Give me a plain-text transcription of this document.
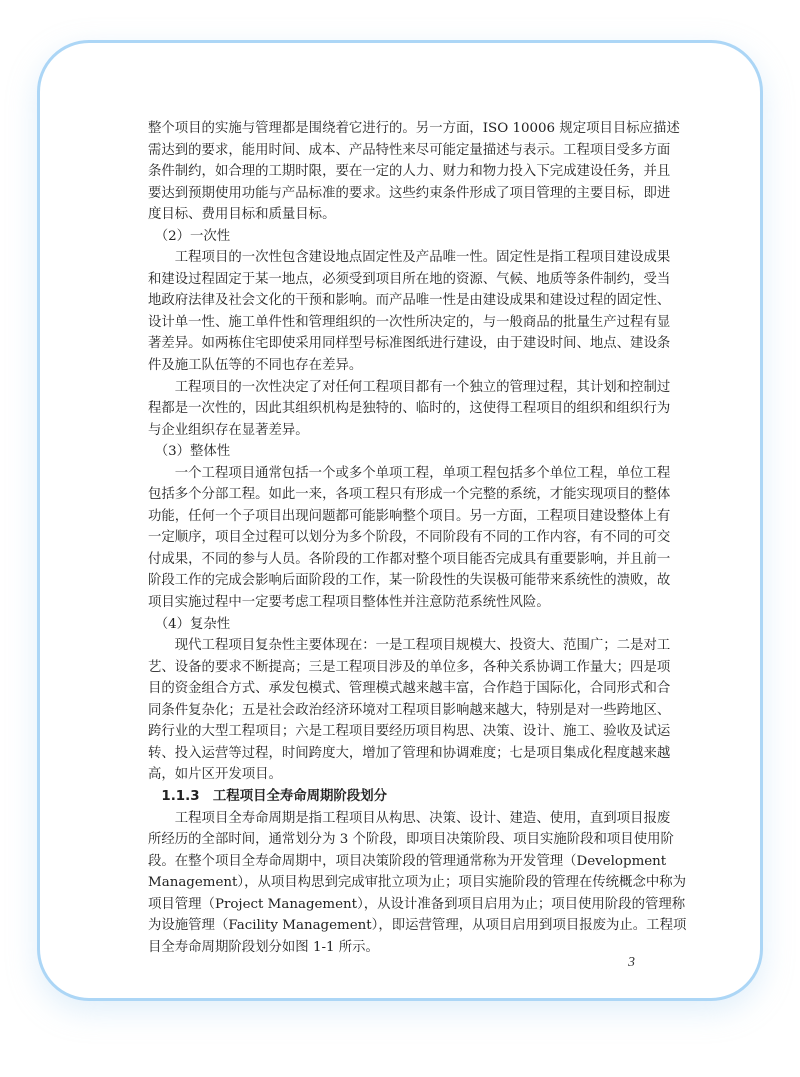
整个项目的实施与管理都是围绕着它进行的。另一方面，ISO 10006 规定项目目标应描述
需达到的要求，能用时间、成本、产品特性来尽可能定量描述与表示。工程项目受多方面
条件制约，如合理的工期时限，要在一定的人力、财力和物力投入下完成建设任务，并且
要达到预期使用功能与产品标准的要求。这些约束条件形成了项目管理的主要目标，即进
度目标、费用目标和质量目标。
　（2）一次性
　　工程项目的一次性包含建设地点固定性及产品唯一性。固定性是指工程项目建设成果
和建设过程固定于某一地点，必须受到项目所在地的资源、气候、地质等条件制约，受当
地政府法律及社会文化的干预和影响。而产品唯一性是由建设成果和建设过程的固定性、
设计单一性、施工单件性和管理组织的一次性所决定的，与一般商品的批量生产过程有显
著差异。如两栋住宅即使采用同样型号标准图纸进行建设，由于建设时间、地点、建设条
件及施工队伍等的不同也存在差异。
　　工程项目的一次性决定了对任何工程项目都有一个独立的管理过程，其计划和控制过
程都是一次性的，因此其组织机构是独特的、临时的，这使得工程项目的组织和组织行为
与企业组织存在显著差异。
　（3）整体性
　　一个工程项目通常包括一个或多个单项工程，单项工程包括多个单位工程，单位工程
包括多个分部工程。如此一来，各项工程只有形成一个完整的系统，才能实现项目的整体
功能，任何一个子项目出现问题都可能影响整个项目。另一方面，工程项目建设整体上有
一定顺序，项目全过程可以划分为多个阶段，不同阶段有不同的工作内容，有不同的可交
付成果，不同的参与人员。各阶段的工作都对整个项目能否完成具有重要影响，并且前一
阶段工作的完成会影响后面阶段的工作，某一阶段性的失误极可能带来系统性的溃败，故
项目实施过程中一定要考虑工程项目整体性并注意防范系统性风险。
　（4）复杂性
　　现代工程项目复杂性主要体现在：一是工程项目规模大、投资大、范围广；二是对工
艺、设备的要求不断提高；三是工程项目涉及的单位多，各种关系协调工作量大；四是项
目的资金组合方式、承发包模式、管理模式越来越丰富，合作趋于国际化，合同形式和合
同条件复杂化；五是社会政治经济环境对工程项目影响越来越大，特别是对一些跨地区、
跨行业的大型工程项目；六是工程项目要经历项目构思、决策、设计、施工、验收及试运
转、投入运营等过程，时间跨度大，增加了管理和协调难度；七是项目集成化程度越来越
高，如片区开发项目。
　1.1.3　工程项目全寿命周期阶段划分
　　工程项目全寿命周期是指工程项目从构思、决策、设计、建造、使用，直到项目报废
所经历的全部时间，通常划分为 3 个阶段，即项目决策阶段、项目实施阶段和项目使用阶
段。在整个项目全寿命周期中，项目决策阶段的管理通常称为开发管理（Development
Management），从项目构思到完成审批立项为止；项目实施阶段的管理在传统概念中称为
项目管理（Project Management），从设计准备到项目启用为止；项目使用阶段的管理称
为设施管理（Facility Management），即运营管理，从项目启用到项目报废为止。工程项
目全寿命周期阶段划分如图 1-1 所示。
3
